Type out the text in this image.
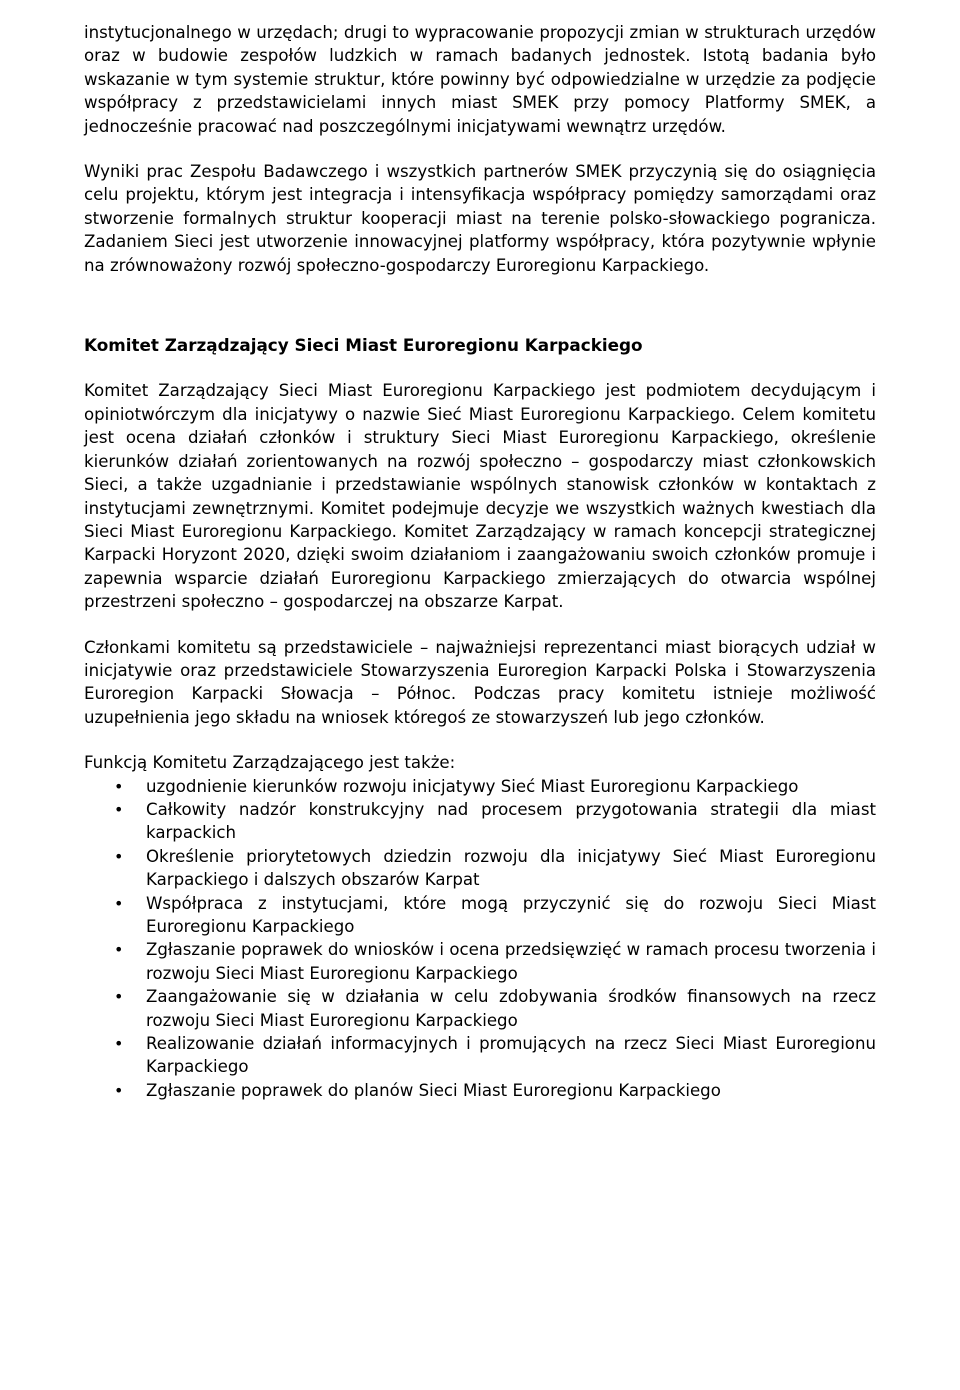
instytucjonalnego w urzędach; drugi to wypracowanie propozycji zmian w strukturach urzędów oraz w budowie zespołów ludzkich w ramach badanych jednostek. Istotą badania było wskazanie w tym systemie struktur, które powinny być odpowiedzialne w urzędzie za podjęcie współpracy z przedstawicielami innych miast SMEK przy pomocy Platformy SMEK, a jednocześnie pracować nad poszczególnymi inicjatywami wewnątrz urzędów.

Wyniki prac Zespołu Badawczego i wszystkich partnerów SMEK przyczynią się do osiągnięcia celu projektu, którym jest integracja i intensyfikacja współpracy pomiędzy samorządami oraz stworzenie formalnych struktur kooperacji miast na terenie polsko-słowackiego pogranicza. Zadaniem Sieci jest utworzenie innowacyjnej platformy współpracy, która pozytywnie wpłynie na zrównoważony rozwój społeczno-gospodarczy Euroregionu Karpackiego.

Komitet Zarządzający Sieci Miast Euroregionu Karpackiego

Komitet Zarządzający Sieci Miast Euroregionu Karpackiego jest podmiotem decydującym i opiniotwórczym dla inicjatywy o nazwie Sieć Miast Euroregionu Karpackiego. Celem komitetu jest ocena działań członków i struktury Sieci Miast Euroregionu Karpackiego, określenie kierunków działań zorientowanych na rozwój społeczno – gospodarczy miast członkowskich Sieci, a także uzgadnianie i przedstawianie wspólnych stanowisk członków w kontaktach z instytucjami zewnętrznymi. Komitet podejmuje decyzje we wszystkich ważnych kwestiach dla Sieci Miast Euroregionu Karpackiego. Komitet Zarządzający w ramach koncepcji strategicznej Karpacki Horyzont 2020, dzięki swoim działaniom i zaangażowaniu swoich członków promuje i zapewnia wsparcie działań Euroregionu Karpackiego zmierzających do otwarcia wspólnej przestrzeni społeczno – gospodarczej na obszarze Karpat.

Członkami komitetu są przedstawiciele – najważniejsi reprezentanci miast biorących udział w inicjatywie oraz przedstawiciele Stowarzyszenia Euroregion Karpacki Polska i Stowarzyszenia Euroregion Karpacki Słowacja – Północ. Podczas pracy komitetu istnieje możliwość uzupełnienia jego składu na wniosek któregoś ze stowarzyszeń lub jego członków.

Funkcją Komitetu Zarządzającego jest także:

• uzgodnienie kierunków rozwoju inicjatywy Sieć Miast Euroregionu Karpackiego
• Całkowity nadzór konstrukcyjny nad procesem przygotowania strategii dla miast karpackich
• Określenie priorytetowych dziedzin rozwoju dla inicjatywy Sieć Miast Euroregionu Karpackiego i dalszych obszarów Karpat
• Współpraca z instytucjami, które mogą przyczynić się do rozwoju Sieci Miast Euroregionu Karpackiego
• Zgłaszanie poprawek do wniosków i ocena przedsięwzięć w ramach procesu tworzenia i rozwoju Sieci Miast Euroregionu Karpackiego
• Zaangażowanie się w działania w celu zdobywania środków finansowych na rzecz rozwoju Sieci Miast Euroregionu Karpackiego
• Realizowanie działań informacyjnych i promujących na rzecz Sieci Miast Euroregionu Karpackiego
• Zgłaszanie poprawek do planów Sieci Miast Euroregionu Karpackiego
